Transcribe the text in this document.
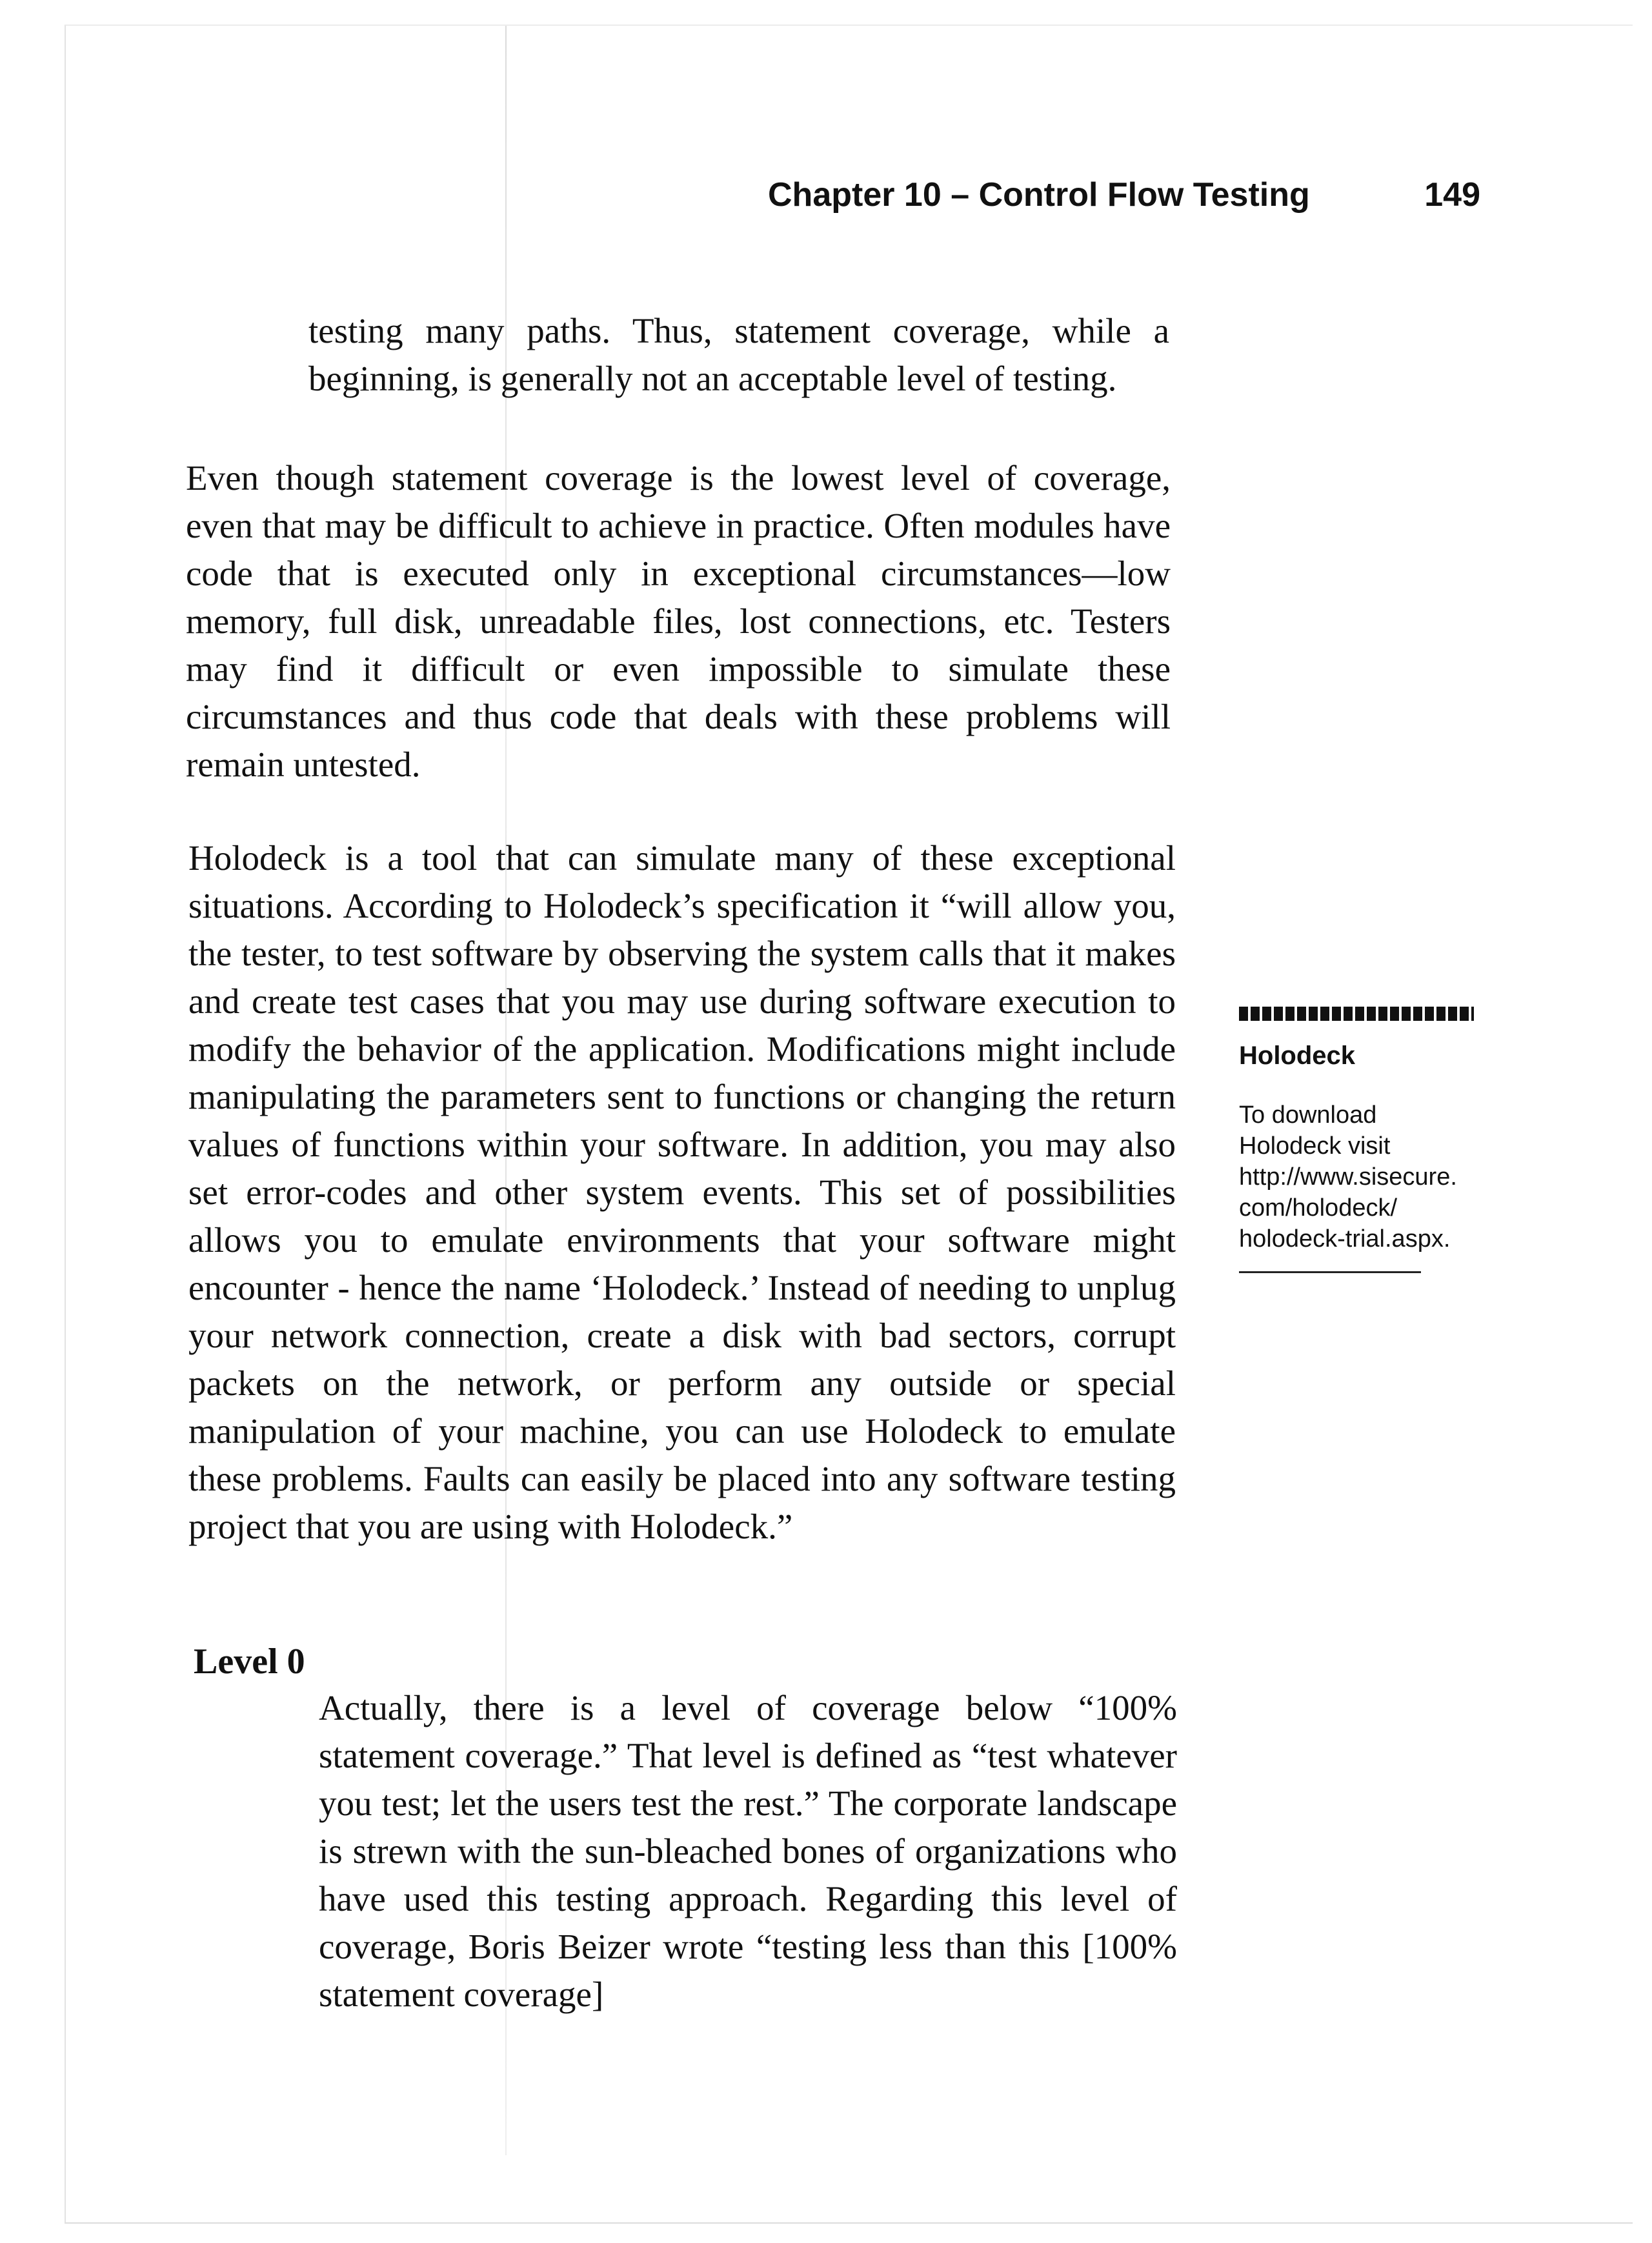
Chapter 10 – Control Flow Testing	149

testing many paths. Thus, statement coverage, while a beginning, is generally not an acceptable level of testing.

Even though statement coverage is the lowest level of coverage, even that may be difficult to achieve in practice. Often modules have code that is executed only in exceptional circumstances—low memory, full disk, unreadable files, lost connections, etc. Testers may find it difficult or even impossible to simulate these circumstances and thus code that deals with these problems will remain untested.

Holodeck is a tool that can simulate many of these exceptional situations. According to Holodeck’s specification it “will allow you, the tester, to test software by observing the system calls that it makes and create test cases that you may use during software execution to modify the behavior of the application. Modifications might include manipulating the parameters sent to functions or changing the return values of functions within your software. In addition, you may also set error-codes and other system events. This set of possibilities allows you to emulate environments that your software might encounter - hence the name ‘Holodeck.’ Instead of needing to unplug your network connection, create a disk with bad sectors, corrupt packets on the network, or perform any outside or special manipulation of your machine, you can use Holodeck to emulate these problems. Faults can easily be placed into any software testing project that you are using with Holodeck.”

Level 0

Actually, there is a level of coverage below “100% statement coverage.” That level is defined as “test whatever you test; let the users test the rest.” The corporate landscape is strewn with the sun-bleached bones of organizations who have used this testing approach. Regarding this level of coverage, Boris Beizer wrote “testing less than this [100% statement coverage]

Holodeck
To download
Holodeck visit
http://www.sisecure.
com/holodeck/
holodeck-trial.aspx.
